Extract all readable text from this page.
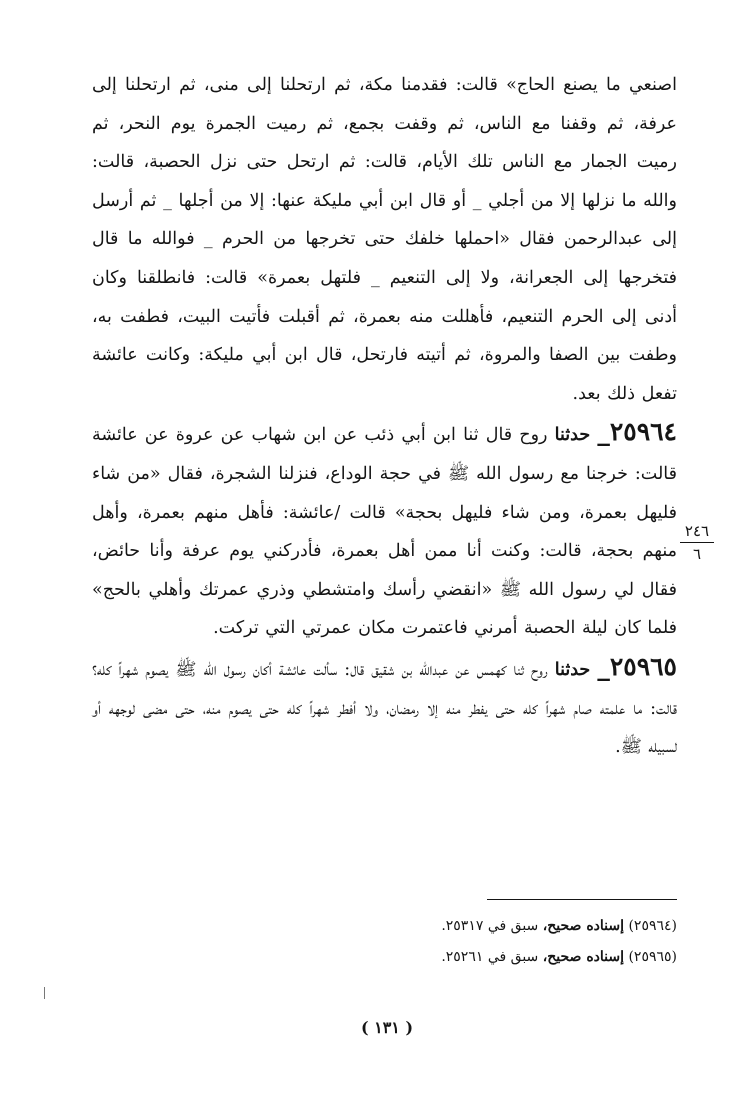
اصنعي ما يصنع الحاج» قالت: فقدمنا مكة، ثم ارتحلنا إلى منى، ثم ارتحلنا إلى عرفة، ثم وقفنا مع الناس، ثم وقفت بجمع، ثم رميت الجمرة يوم النحر، ثم رميت الجمار مع الناس تلك الأيام، قالت: ثم ارتحل حتى نزل الحصبة، قالت: والله ما نزلها إلا من أجلي _ أو قال ابن أبي مليكة عنها: إلا من أجلها _ ثم أرسل إلى عبدالرحمن فقال «احملها خلفك حتى تخرجها من الحرم _ فوالله ما قال فتخرجها إلى الجعرانة، ولا إلى التنعيم _ فلتهل بعمرة» قالت: فانطلقنا وكان أدنى إلى الحرم التنعيم، فأهللت منه بعمرة، ثم أقبلت فأتيت البيت، فطفت به، وطفت بين الصفا والمروة، ثم أتيته فارتحل، قال ابن أبي مليكة: وكانت عائشة تفعل ذلك بعد.

٢٥٩٦٤_ حدثنا روح قال ثنا ابن أبي ذئب عن ابن شهاب عن عروة عن عائشة قالت: خرجنا مع رسول الله ﷺ في حجة الوداع، فنزلنا الشجرة، فقال «من شاء فليهل بعمرة، ومن شاء فليهل بحجة» قالت /عائشة: فأهل منهم بعمرة، وأهل منهم بحجة، قالت: وكنت أنا ممن أهل بعمرة، فأدركني يوم عرفة وأنا حائض، فقال لي رسول الله ﷺ «انقضي رأسك وامتشطي وذري عمرتك وأهلي بالحج» فلما كان ليلة الحصبة أمرني فاعتمرت مكان عمرتي التي تركت.

٢٥٩٦٥_ حدثنا روح ثنا كهمس عن عبدالله بن شقيق قال: سألت عائشة أكان رسول الله ﷺ يصوم شهراً كله؟ قالت: ما علمته صام شهراً كله حتى يفطر منه إلا رمضان، ولا أفطر شهراً كله حتى يصوم منه، حتى مضى لوجهه أو لسبيله ﷺ.

٢٤٦
٦

(٢٥٩٦٤) إسناده صحيح، سبق في ٢٥٣١٧.

(٢٥٩٦٥) إسناده صحيح، سبق في ٢٥٢٦١.

( ١٣١ )
